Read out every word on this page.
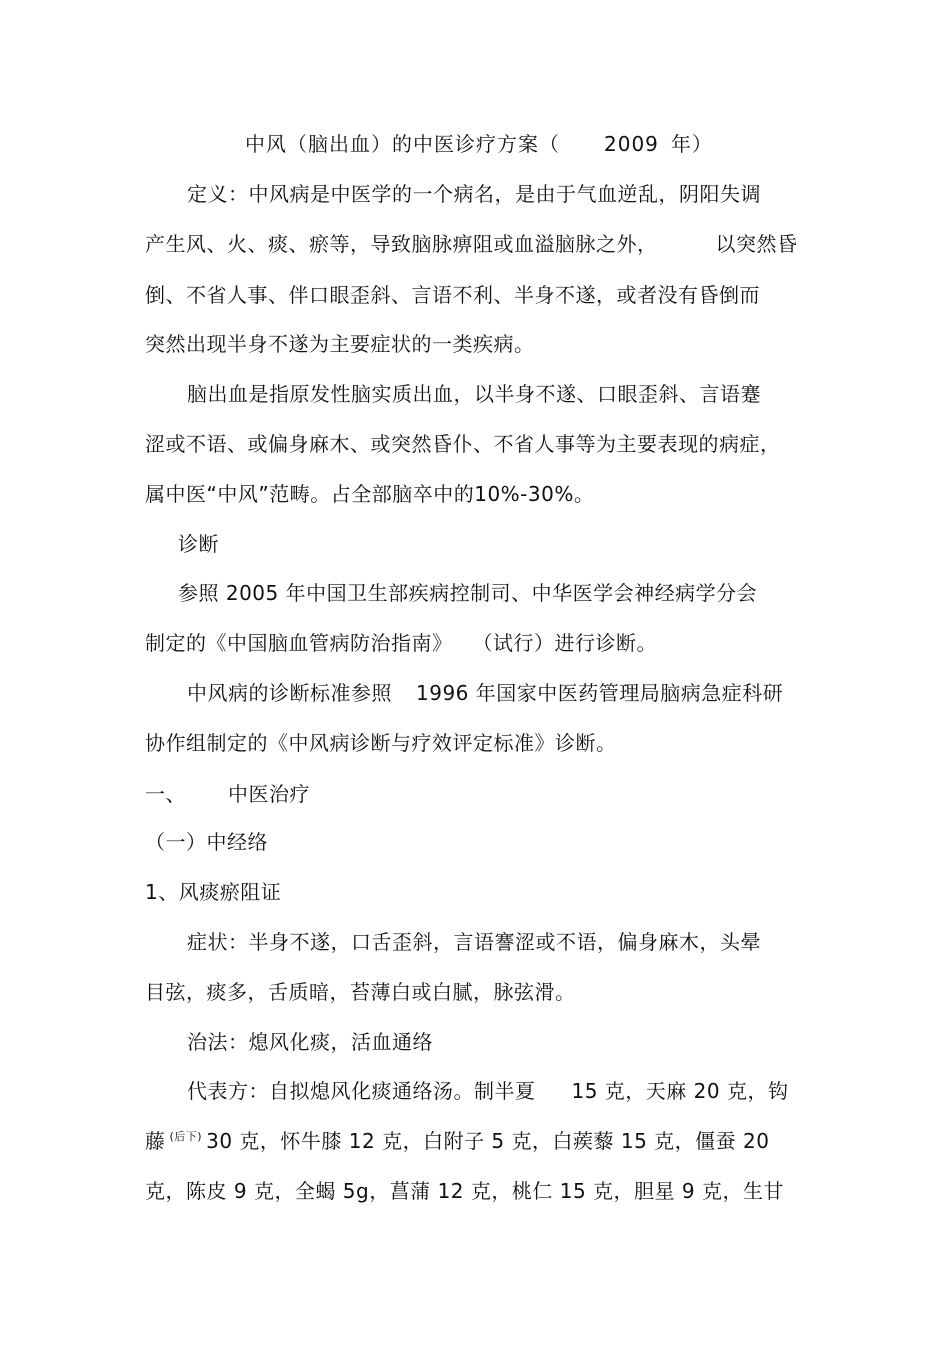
中风（脑出血）的中医诊疗方案（ 2009 年）
定义：中风病是中医学的一个病名，是由于气血逆乱，阴阳失调
产生风、火、痰、瘀等，导致脑脉痹阻或血溢脑脉之外，	以突然昏
倒、不省人事、伴口眼歪斜、言语不利、半身不遂，或者没有昏倒而
突然出现半身不遂为主要症状的一类疾病。
脑出血是指原发性脑实质出血，以半身不遂、口眼歪斜、言语蹇
涩或不语、或偏身麻木、或突然昏仆、不省人事等为主要表现的病症，
属中医“中风”范畴。占全部脑卒中的10%-30%。
诊断
参照 2005 年中国卫生部疾病控制司、中华医学会神经病学分会
制定的《中国脑血管病防治指南》 （试行）进行诊断。
中风病的诊断标准参照 1996 年国家中医药管理局脑病急症科研
协作组制定的《中风病诊断与疗效评定标准》诊断。
一、 中医治疗
（一）中经络
1、风痰瘀阻证
症状：半身不遂，口舌歪斜，言语謇涩或不语，偏身麻木，头晕
目弦，痰多，舌质暗，苔薄白或白腻，脉弦滑。
治法：熄风化痰，活血通络
代表方：自拟熄风化痰通络汤。制半夏 15 克，天麻 20 克，钩
藤 $^{(后下)}$ 30 克，怀牛膝 12 克，白附子 5 克，白蒺藜 15 克，僵蚕 20
克，陈皮 9 克，全蝎 5g，菖蒲 12 克，桃仁 15 克，胆星 9 克，生甘
